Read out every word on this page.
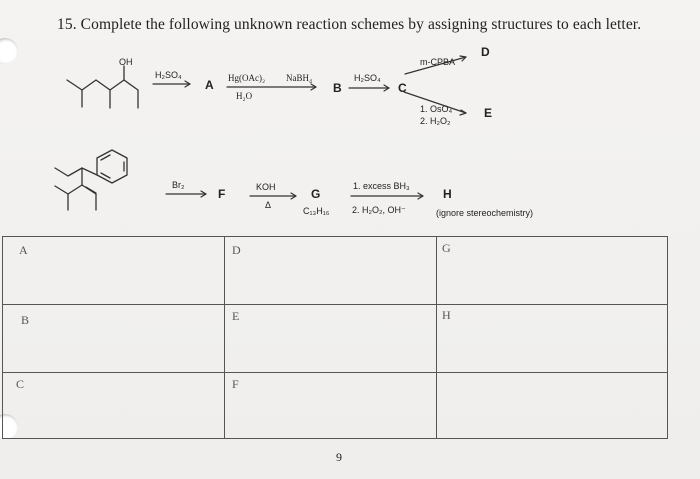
15. Complete the following unknown reaction schemes by assigning structures to each letter.
OH
H₂SO₄
A Hg(OAc)₂ NaBH₄
H₂O
B
H₂SO₄
C
m-CPBA
D
1. OsO₄
2. H₂O₂
E
Br₂
F	KOH
Δ
G
C₁₃H₁₆
1. excess BH₃
2. H₂O₂, OH⁻
H
(ignore stereochemistry)
A	D	G
B	E	H
C	F
9
